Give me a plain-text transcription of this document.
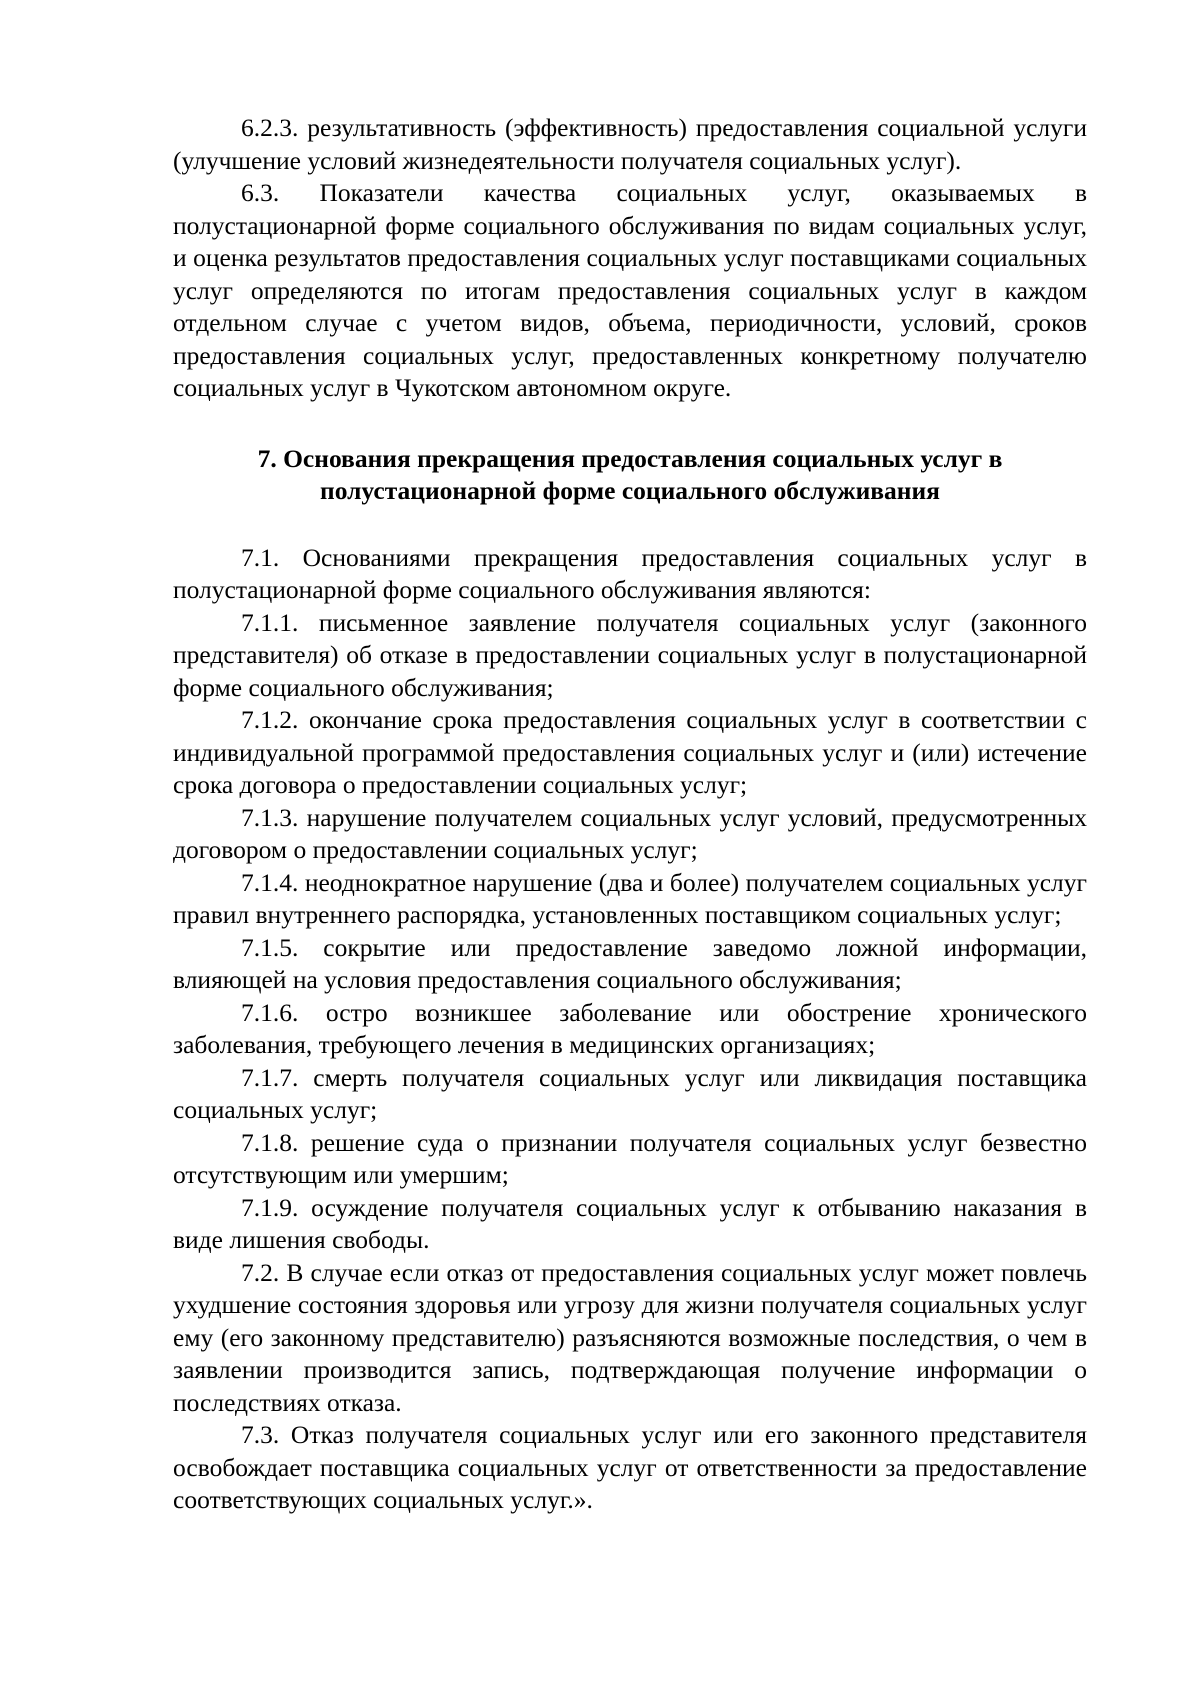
6.2.3. результативность (эффективность) предоставления социальной услуги (улучшение условий жизнедеятельности получателя социальных услуг).

6.3. Показатели качества социальных услуг, оказываемых в полустационарной форме социального обслуживания по видам социальных услуг, и оценка результатов предоставления социальных услуг поставщиками социальных услуг определяются по итогам предоставления социальных услуг в каждом отдельном случае с учетом видов, объема, периодичности, условий, сроков предоставления социальных услуг, предоставленных конкретному получателю социальных услуг в Чукотском автономном округе.

7. Основания прекращения предоставления социальных услуг в полустационарной форме социального обслуживания

7.1. Основаниями прекращения предоставления социальных услуг в полустационарной форме социального обслуживания являются:

7.1.1. письменное заявление получателя социальных услуг (законного представителя) об отказе в предоставлении социальных услуг в полустационарной форме социального обслуживания;

7.1.2. окончание срока предоставления социальных услуг в соответствии с индивидуальной программой предоставления социальных услуг и (или) истечение срока договора о предоставлении социальных услуг;

7.1.3. нарушение получателем социальных услуг условий, предусмотренных договором о предоставлении социальных услуг;

7.1.4. неоднократное нарушение (два и более) получателем социальных услуг правил внутреннего распорядка, установленных поставщиком социальных услуг;

7.1.5. сокрытие или предоставление заведомо ложной информации, влияющей на условия предоставления социального обслуживания;

7.1.6. остро возникшее заболевание или обострение хронического заболевания, требующего лечения в медицинских организациях;

7.1.7. смерть получателя социальных услуг или ликвидация поставщика социальных услуг;

7.1.8. решение суда о признании получателя социальных услуг безвестно отсутствующим или умершим;

7.1.9. осуждение получателя социальных услуг к отбыванию наказания в виде лишения свободы.

7.2. В случае если отказ от предоставления социальных услуг может повлечь ухудшение состояния здоровья или угрозу для жизни получателя социальных услуг ему (его законному представителю) разъясняются возможные последствия, о чем в заявлении производится запись, подтверждающая получение информации о последствиях отказа.

7.3. Отказ получателя социальных услуг или его законного представителя освобождает поставщика социальных услуг от ответственности за предоставление соответствующих социальных услуг.».
